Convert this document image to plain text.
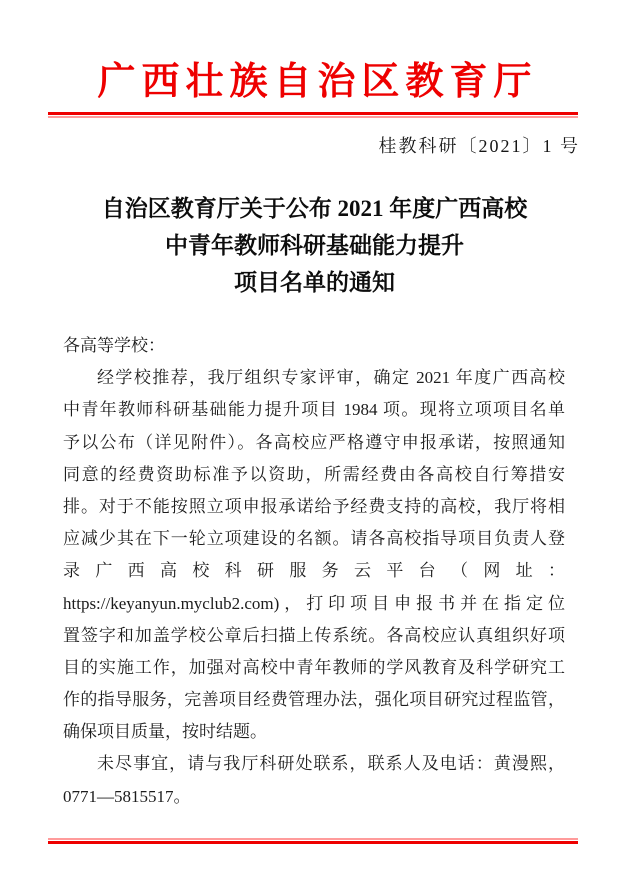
广西壮族自治区教育厅
桂教科研〔2021〕1 号
自治区教育厅关于公布 2021 年度广西高校
中青年教师科研基础能力提升
项目名单的通知
各高等学校：
经学校推荐，我厅组织专家评审，确定 2021 年度广西高校
中青年教师科研基础能力提升项目 1984 项。现将立项项目名单
予以公布（详见附件）。各高校应严格遵守申报承诺，按照通知
同意的经费资助标准予以资助，所需经费由各高校自行筹措安
排。对于不能按照立项申报承诺给予经费支持的高校，我厅将相
应减少其在下一轮立项建设的名额。请各高校指导项目负责人登
录广西高校科研服务云平台（网址：
https://keyanyun.myclub2.com)，打印项目申报书并在指定位
置签字和加盖学校公章后扫描上传系统。各高校应认真组织好项
目的实施工作，加强对高校中青年教师的学风教育及科学研究工
作的指导服务，完善项目经费管理办法，强化项目研究过程监管，
确保项目质量，按时结题。
未尽事宜，请与我厅科研处联系，联系人及电话：黄漫熙，
0771—5815517。
